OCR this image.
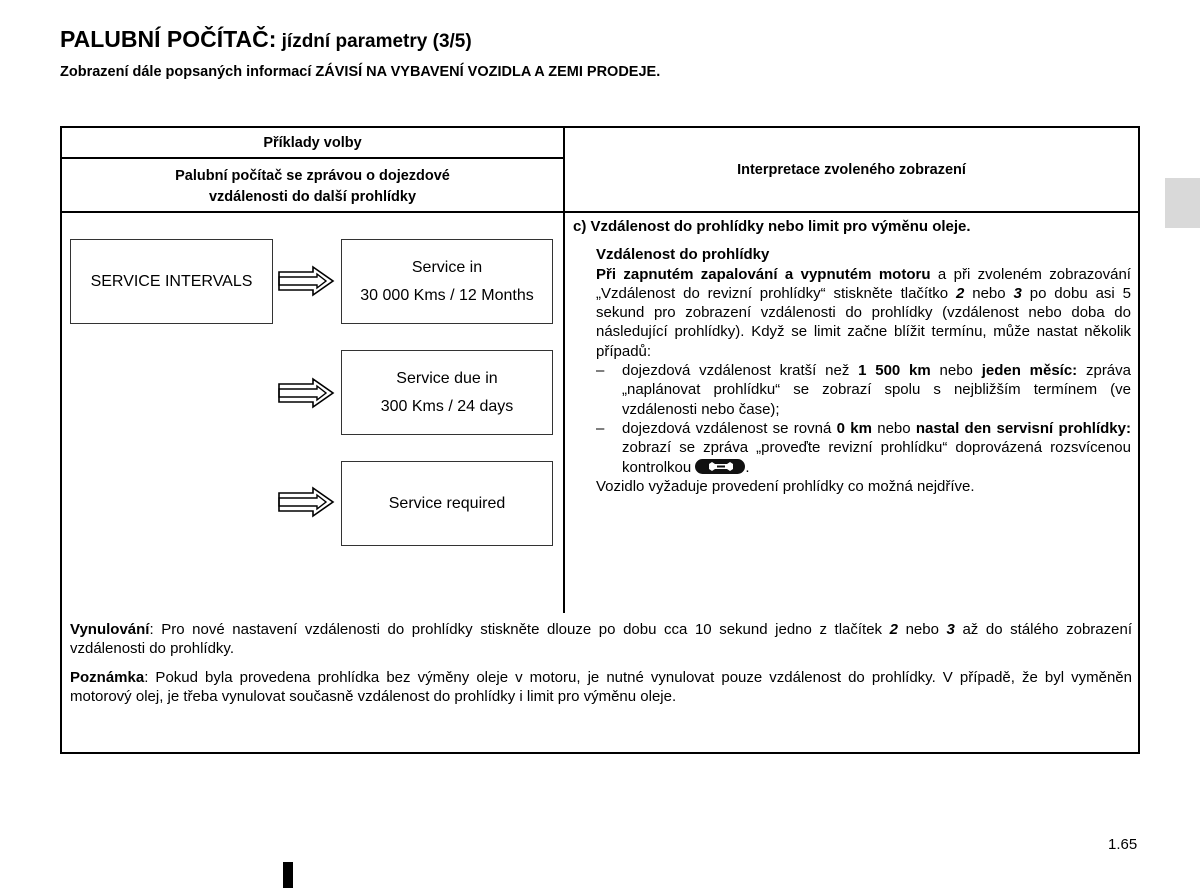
PALUBNÍ POČÍTAČ: jízdní parametry (3/5)

Zobrazení dále popsaných informací ZÁVISÍ NA VYBAVENÍ VOZIDLA A ZEMI PRODEJE.

Příklady volby
Palubní počítač se zprávou o dojezdové
vzdálenosti do další prohlídky
Interpretace zvoleného zobrazení
SERVICE INTERVALS
Service in
30 000 Kms / 12 Months
Service due in
300 Kms / 24 days
Service required

c) Vzdálenost do prohlídky nebo limit pro výměnu oleje.

Vzdálenost do prohlídky

Při zapnutém zapalování a vypnutém motoru a při zvoleném zobrazování „Vzdálenost do revizní prohlídky“ stiskněte tlačítko 2 nebo 3 po dobu asi 5 sekund pro zobrazení vzdálenosti do prohlídky (vzdálenost nebo doba do následující prohlídky). Když se limit začne blížit termínu, může nastat několik případů:

–	dojezdová vzdálenost kratší než 1 500 km nebo jeden měsíc: zpráva „naplánovat prohlídku“ se zobrazí spolu s nejbližším termínem (ve vzdálenosti nebo čase);
–	dojezdová vzdálenost se rovná 0 km nebo nastal den servisní prohlídky: zobrazí se zpráva „proveďte revizní prohlídku“ doprovázená rozsvícenou kontrolkou	.

Vozidlo vyžaduje provedení prohlídky co možná nejdříve.

Vynulování: Pro nové nastavení vzdálenosti do prohlídky stiskněte dlouze po dobu cca 10 sekund jedno z tlačítek 2 nebo 3 až do stálého zobrazení vzdálenosti do prohlídky.

Poznámka: Pokud byla provedena prohlídka bez výměny oleje v motoru, je nutné vynulovat pouze vzdálenost do prohlídky. V případě, že byl vyměněn motorový olej, je třeba vynulovat současně vzdálenost do prohlídky i limit pro výměnu oleje.

1.65
